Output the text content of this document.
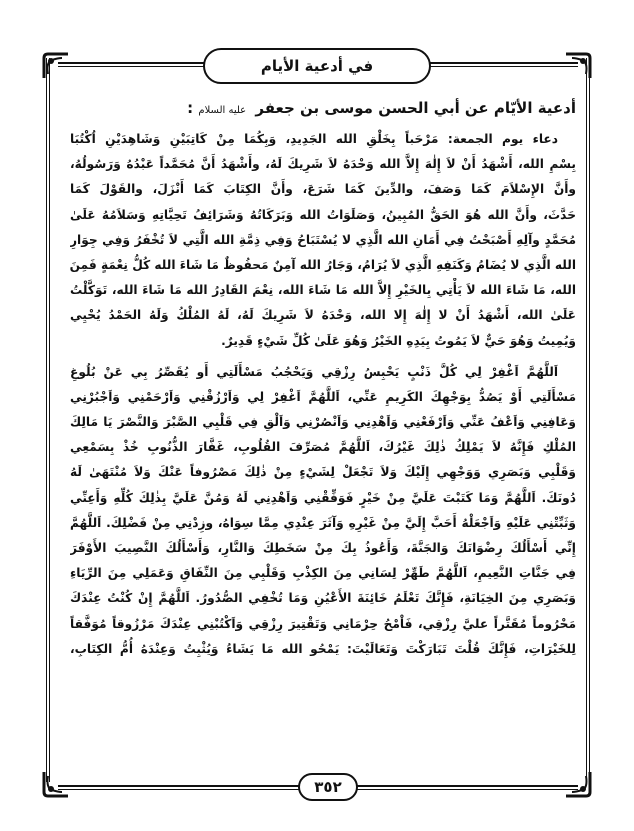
في أدعية الأيام
أدعية الأيّام عن أبي الحسن موسى بن جعفر عليه السلام :
دعاء يوم الجمعة: مَرْحَباً بِخَلْقِ الله الجَدِيدِ، وَبِكُمَا مِنْ كَاتِبَيْنِ وَشَاهِدَيْنِ اُكْتُبَا
بِسْمِ الله، أَشْهَدُ أَنْ لاَ إِلٰهَ إِلاَّ الله وَحْدَهُ لاَ شَرِيكَ لَهُ، وأَشْهَدُ أَنَّ مُحَمَّداً عَبْدُهُ وَرَسُولُهُ،
وأَنَّ الإِسْلاَمَ كَمَا وَصَفَ، والدِّينَ كَمَا شَرَعَ، وأَنَّ الكِتَابَ كَمَا أَنْزَلَ، والقَوْلَ كَمَا
حَدَّثَ، وأَنَّ الله هُوَ الحَقُّ المُبِينُ، وَصَلَوَاتُ الله وَبَرَكَاتُهُ وَشَرَائِفُ تَحِيَّاتِهِ وَسَلاَمُهُ عَلَىٰ
مُحَمَّدٍ وآلِهِ أَصْبَحْتُ فِي أَمَانِ الله الَّذِي لا يُسْتَبَاحُ وَفِي ذِمَّةِ الله الَّتِي لاَ تُخْفَرُ وَفِي جِوَارِ
الله الَّذِي لا يُضَامُ وَكَنَفِهِ الَّذِي لاَ يُرَامُ، وَجَارُ الله آمِنٌ مَحفُوظٌ مَا شَاءَ الله كُلُّ نِعْمَةٍ فَمِنَ
الله، مَا شَاءَ الله لاَ يَأْتِي بِالخَيْرِ إِلاَّ الله مَا شَاءَ الله، نِعْمَ القَادِرُ الله مَا شَاءَ الله، تَوَكَّلْتُ
عَلَىٰ الله، أَشْهَدُ أَنْ لا إِلٰهَ إِلا الله، وَحْدَهُ لاَ شَرِيكَ لَهُ، لَهُ المُلْكُ وَلَهُ الحَمْدُ يُحْيِي
وَيُمِيتُ وَهُوَ حَيٌّ لاَ يَمُوتُ بِيَدِهِ الخَيْرُ وَهُوَ عَلَىٰ كُلِّ شَيْءٍ قَدِيرٌ.
اَللَّهُمَّ اَغْفِرْ لِي كُلَّ ذَنْبٍ يَحْبِسُ رِزْقِي وَيَحْجُبُ مَسْأَلَتِي أَو يُقَصِّرُ بِي عَنْ بُلُوغِ
مَسْأَلَتِي أَوْ يَصُدُّ بِوَجْهِكَ الكَرِيمِ عَنِّي، اَللَّهُمَّ اَغْفِرْ لِي وَاَرْزُقْنِي وَاَرْحَمْنِي وَاَجْبُرْنِي
وَعَافِنِي وَاَعْفُ عَنِّي وَاَرْفَعْنِي وَاَهْدِنِي وَاَنْصُرْنِي وَاَلْقِ فِي قَلْبِي الصَّبْرَ وَالنَّصْرَ يَا مَالِكَ
المُلْكِ فَإِنَّهُ لاَ يَمْلِكُ ذٰلِكَ غَيْرُكَ، اَللَّهُمَّ مُصَرِّفَ القُلُوبِ، غَفَّارَ الذُّنُوبِ خُذْ بِسَمْعِي
وَقَلْبِي وَبَصَرِي وَوَجْهِي إِلَيْكَ وَلاَ تَجْعَلْ لِشَيْءٍ مِنْ ذٰلِكَ مَصْرُوفاً عَنْكَ وَلاَ مُنْتَهَىٰ لَهُ
دُونَكَ. اَللَّهُمَّ وَمَا كَتَبْتَ عَلَيَّ مِنْ خَيْرٍ فَوَفِّقْنِي وَاَهْدِنِي لَهُ وَمُنَّ عَلَيَّ بِذٰلِكَ كُلِّهِ وَأَعِنِّي
وَثَبِّتْنِي عَلَيْهِ وَاَجْعَلْهُ أَحَبَّ إِلَيَّ مِنْ غَيْرِهِ وَآثَرَ عِنْدِي مِمَّا سِوَاهُ، وزِدْنِي مِنْ فَضْلِكَ. اَللَّهُمَّ
إِنِّي أَسْأَلُكَ رِضْوَانَكَ وَالجَنَّةَ، وَأَعُوذُ بِكَ مِنْ سَخَطِكَ وَالنَّارِ، وَأَسْأَلُكَ النَّصِيبَ الأَوْفَرَ
فِي جَنَّاتِ النَّعِيمِ، اَللَّهُمَّ طَهِّرْ لِسَانِي مِنَ الكِذْبِ وَقَلْبِي مِنَ النِّفَاقِ وَعَمَلِي مِنَ الرِّيَاءِ
وَبَصَرِي مِنَ الخِيَانَةِ، فَإِنَّكَ تَعْلَمُ خَائِنَةَ الأَعْيُنِ وَمَا تُخْفِي الصُّدُورُ. اَللَّهُمَّ إِنْ كُنْتُ عِنْدَكَ
مَحْرُوماً مُقَتَّراً عليَّ رِزْقِي، فَاْمْحُ حِرْمَانِي وَتَقْتِيرَ رِزْقِي وَاَكْتُبْنِي عِنْدَكَ مَرْزُوقاً مُوَفَّقاً
لِلخَيْرَاتِ، فَإِنَّكَ قُلْتَ تَبَارَكْتَ وَتَعَالَيْتَ: يَمْحُو الله مَا يَشَاءُ وَيُثْبِتُ وَعِنْدَهُ أُمُّ الكِتَابِ،
٣٥٢
